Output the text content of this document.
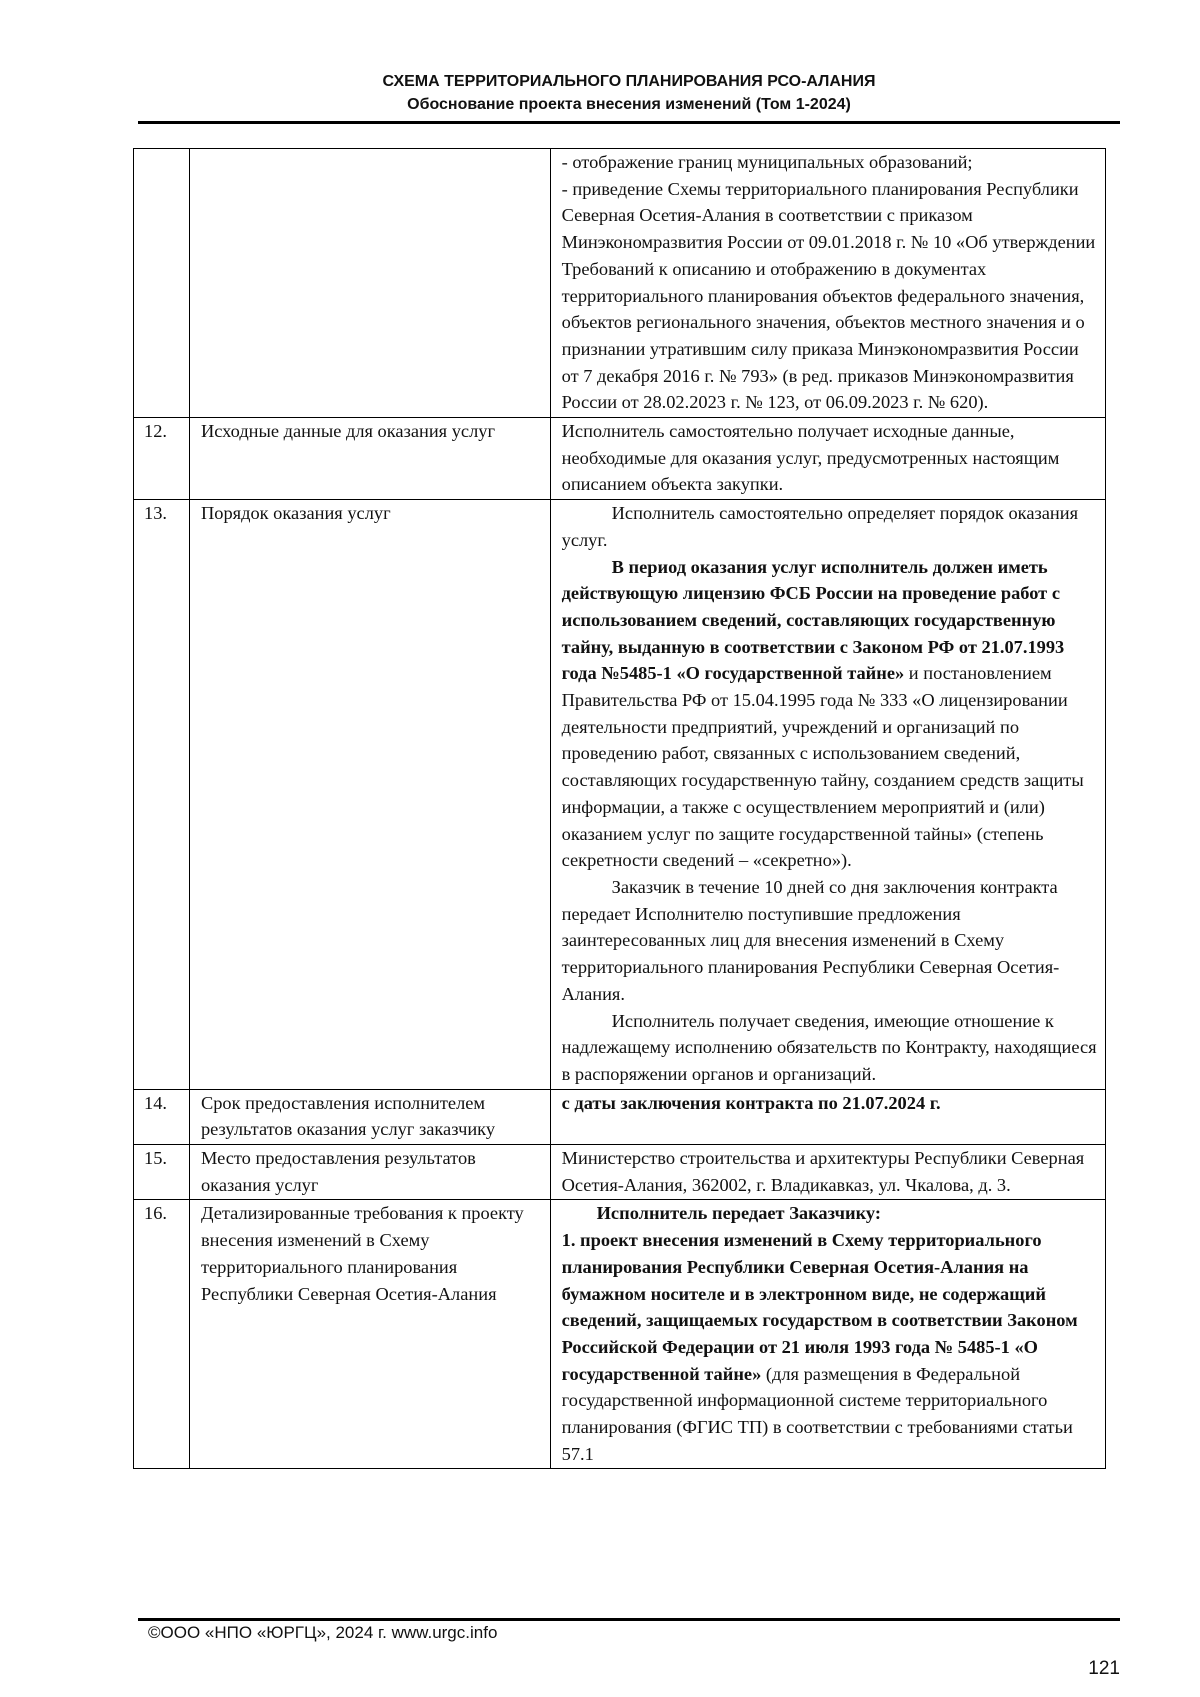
СХЕМА ТЕРРИТОРИАЛЬНОГО ПЛАНИРОВАНИЯ РСО-АЛАНИЯ
Обоснование проекта внесения изменений (Том 1-2024)

		- отображение границ муниципальных образований;
- приведение Схемы территориального планирования Республики Северная Осетия-Алания в соответствии с приказом Минэкономразвития России от 09.01.2018 г. № 10 «Об утверждении Требований к описанию и отображению в документах территориального планирования объектов федерального значения, объектов регионального значения, объектов местного значения и о признании утратившим силу приказа Минэкономразвития России от 7 декабря 2016 г. № 793» (в ред. приказов Минэкономразвития России от 28.02.2023 г. № 123, от 06.09.2023 г. № 620).

12.	Исходные данные для оказания услуг	Исполнитель самостоятельно получает исходные данные, необходимые для оказания услуг, предусмотренных настоящим описанием объекта закупки.
13.	Порядок оказания услуг	Исполнитель самостоятельно определяет порядок оказания услуг.
В период оказания услуг исполнитель должен иметь действующую лицензию ФСБ России на проведение работ с использованием сведений, составляющих государственную тайну, выданную в соответствии с Законом РФ от 21.07.1993 года №5485-1 «О государственной тайне» и постановлением Правительства РФ от 15.04.1995 года № 333 «О лицензировании деятельности предприятий, учреждений и организаций по проведению работ, связанных с использованием сведений, составляющих государственную тайну, созданием средств защиты информации, а также с осуществлением мероприятий и (или) оказанием услуг по защите государственной тайны» (степень секретности сведений – «секретно»).
Заказчик в течение 10 дней со дня заключения контракта передает Исполнителю поступившие предложения заинтересованных лиц для внесения изменений в Схему территориального планирования Республики Северная Осетия-Алания.
Исполнитель получает сведения, имеющие отношение к надлежащему исполнению обязательств по Контракту, находящиеся в распоряжении органов и организаций.

14.	Срок предоставления исполнителем результатов оказания услуг заказчику	с даты заключения контракта по 21.07.2024 г.
15.	Место предоставления результатов оказания услуг	Министерство строительства и архитектуры Республики Северная Осетия-Алания, 362002, г. Владикавказ, ул. Чкалова, д. 3.
16.	Детализированные требования к проекту внесения изменений в Схему территориального планирования Республики Северная Осетия-Алания	Исполнитель передает Заказчику:
1. проект внесения изменений в Схему территориального планирования Республики Северная Осетия-Алания на бумажном носителе и в электронном виде, не содержащий сведений, защищаемых государством в соответствии Законом Российской Федерации от 21 июля 1993 года № 5485-1 «О государственной тайне» (для размещения в Федеральной государственной информационной системе территориального планирования (ФГИС ТП) в соответствии с требованиями статьи 57.1
©ООО «НПО «ЮРГЦ», 2024 г. www.urgc.info
121
